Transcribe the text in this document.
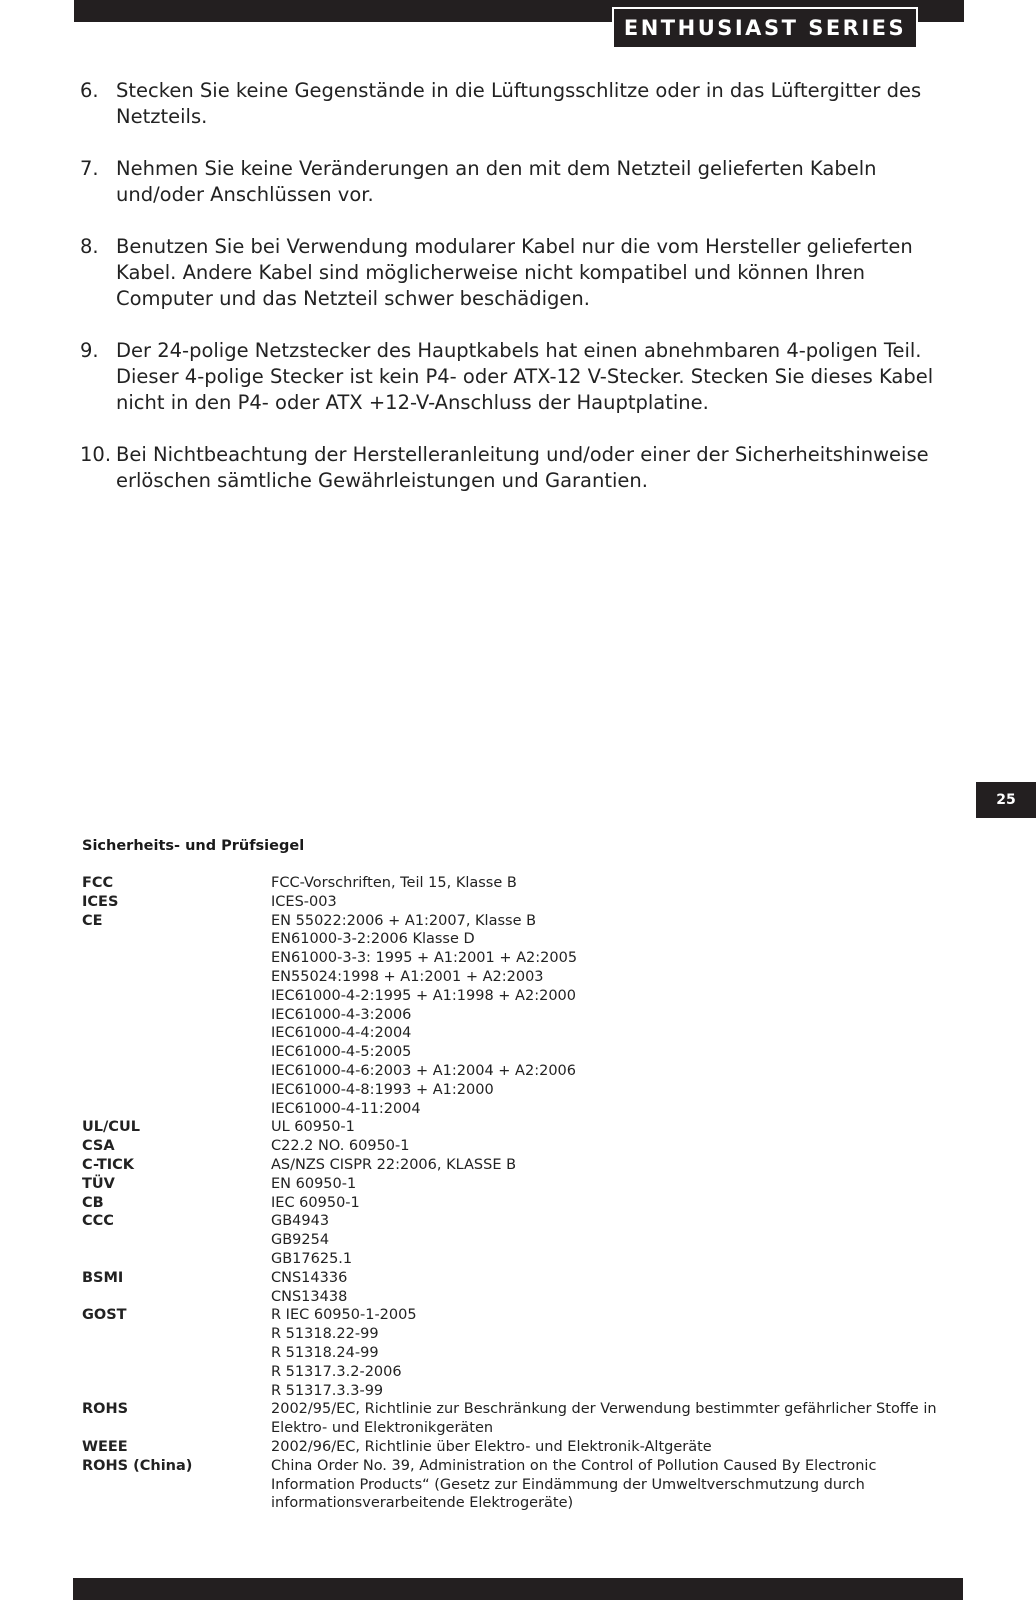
ENTHUSIAST SERIES
6. Stecken Sie keine Gegenstände in die Lüftungsschlitze oder in das Lüftergitter des Netzteils.
7. Nehmen Sie keine Veränderungen an den mit dem Netzteil gelieferten Kabeln und/oder Anschlüssen vor.
8. Benutzen Sie bei Verwendung modularer Kabel nur die vom Hersteller gelieferten Kabel. Andere Kabel sind möglicherweise nicht kompatibel und können Ihren Computer und das Netzteil schwer beschädigen.
9. Der 24-polige Netzstecker des Hauptkabels hat einen abnehmbaren 4-poligen Teil. Dieser 4-polige Stecker ist kein P4- oder ATX-12 V-Stecker. Stecken Sie dieses Kabel nicht in den P4- oder ATX +12-V-Anschluss der Hauptplatine.
10. Bei Nichtbeachtung der Herstelleranleitung und/oder einer der Sicherheitshinweise erlöschen sämtliche Gewährleistungen und Garantien.
25
Sicherheits- und Prüfsiegel
FCC	FCC-Vorschriften, Teil 15, Klasse B
ICES	ICES-003
CE	EN 55022:2006 + A1:2007, Klasse B
EN61000-3-2:2006 Klasse D
EN61000-3-3: 1995 + A1:2001 + A2:2005
EN55024:1998 + A1:2001 + A2:2003
IEC61000-4-2:1995 + A1:1998 + A2:2000
IEC61000-4-3:2006
IEC61000-4-4:2004
IEC61000-4-5:2005
IEC61000-4-6:2003 + A1:2004 + A2:2006
IEC61000-4-8:1993 + A1:2000
IEC61000-4-11:2004
UL/CUL	UL 60950-1
CSA	C22.2 NO. 60950-1
C-TICK	AS/NZS CISPR 22:2006, KLASSE B
TÜV	EN 60950-1
CB	IEC 60950-1
CCC	GB4943
GB9254
GB17625.1
BSMI	CNS14336
CNS13438
GOST	R IEC 60950-1-2005
R 51318.22-99
R 51318.24-99
R 51317.3.2-2006
R 51317.3.3-99
ROHS	2002/95/EC, Richtlinie zur Beschränkung der Verwendung bestimmter gefährlicher Stoffe in Elektro- und Elektronikgeräten
WEEE	2002/96/EC, Richtlinie über Elektro- und Elektronik-Altgeräte
ROHS (China)	China Order No. 39, Administration on the Control of Pollution Caused By Electronic Information Products“ (Gesetz zur Eindämmung der Umweltverschmutzung durch informationsverarbeitende Elektrogeräte)
